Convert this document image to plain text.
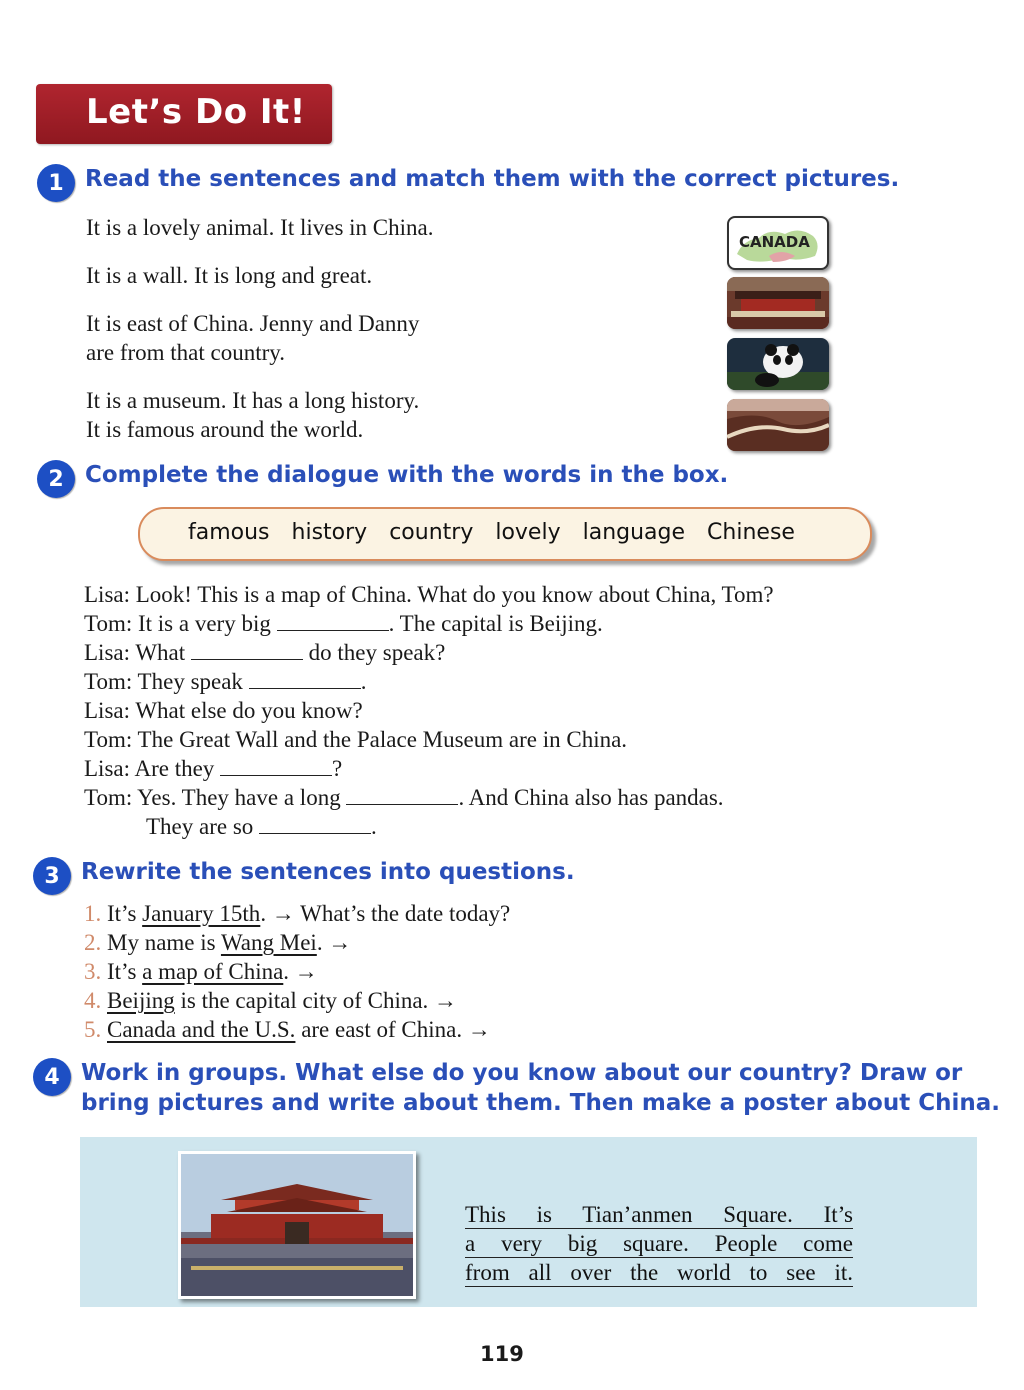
Let’s Do It!
1 Read the sentences and match them with the correct pictures.
It is a lovely animal. It lives in China.
It is a wall. It is long and great.
It is east of China. Jenny and Danny
are from that country.
It is a museum. It has a long history.
It is famous around the world.
CANADA
2 Complete the dialogue with the words in the box.
famous history country lovely language Chinese
Lisa: Look! This is a map of China. What do you know about China, Tom?
Tom: It is a very big	. The capital is Beijing.
Lisa: What	do they speak?
Tom: They speak	.
Lisa: What else do you know?
Tom: The Great Wall and the Palace Museum are in China.
Lisa: Are they	?
Tom: Yes. They have a long	. And China also has pandas.
They are so	.
3 Rewrite the sentences into questions.
1. It’s January 15th. → What’s the date today?
2. My name is Wang Mei. →
3. It’s a map of China. →
4. Beijing is the capital city of China. →
5. Canada and the U.S. are east of China. →
4 Work in groups. What else do you know about our country? Draw or
bring pictures and write about them. Then make a poster about China.
This is Tian’anmen Square. It’s
a very big square. People come
from all over the world to see it.
119
